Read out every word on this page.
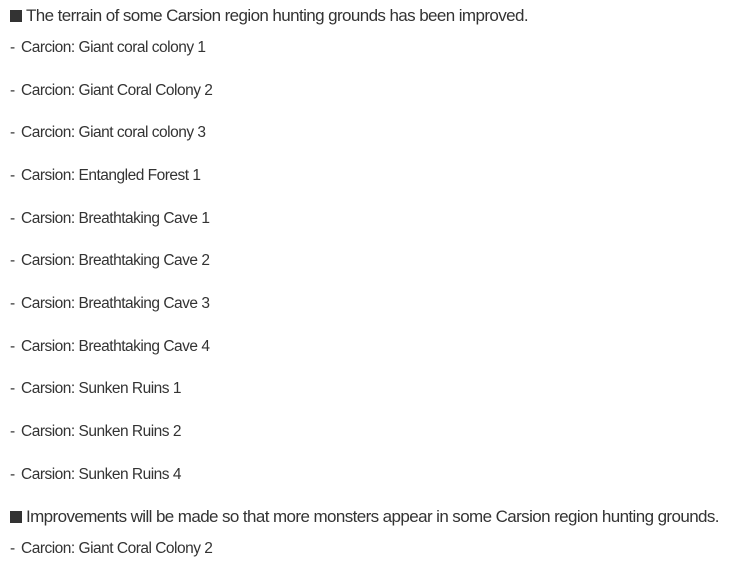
The terrain of some Carsion region hunting grounds has been improved.
- Carcion: Giant coral colony 1
- Carcion: Giant Coral Colony 2
- Carcion: Giant coral colony 3
- Carsion: Entangled Forest 1
- Carsion: Breathtaking Cave 1
- Carsion: Breathtaking Cave 2
- Carsion: Breathtaking Cave 3
- Carsion: Breathtaking Cave 4
- Carsion: Sunken Ruins 1
- Carsion: Sunken Ruins 2
- Carsion: Sunken Ruins 4
Improvements will be made so that more monsters appear in some Carsion region hunting grounds.
- Carcion: Giant Coral Colony 2
